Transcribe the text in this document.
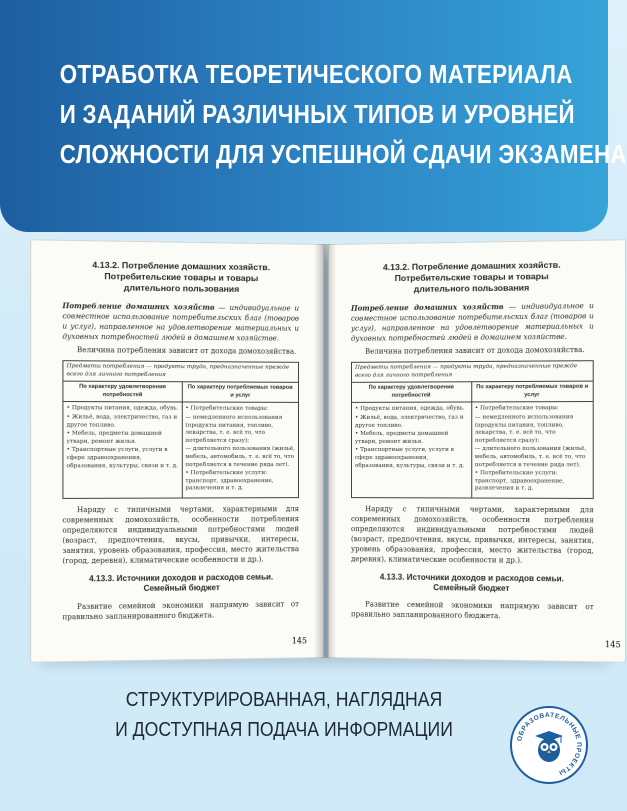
ОТРАБОТКА ТЕОРЕТИЧЕСКОГО МАТЕРИАЛА
И ЗАДАНИЙ РАЗЛИЧНЫХ ТИПОВ И УРОВНЕЙ
СЛОЖНОСТИ ДЛЯ УСПЕШНОЙ СДАЧИ ЭКЗАМЕНА
4.13.2. Потребление домашних хозяйств.
Потребительские товары и товары
длительного пользования
Потребление домашних хозяйств — индивидуальное и совместное использование потребительских благ (товаров и услуг), направленное на удовлетворение материальных и духовных потребностей людей в домашнем хозяйстве.
Величина потребления зависит от дохода домохозяйства.
Предметы потребления — продукты труда, предназначенные прежде всего для личного потребления
По характеру удовлетворения потребностей
По характеру потребляемых товаров и услуг

• Продукты питания, одежда, обувь.

• Жильё, вода, электричество, газ и другое топливо.

• Мебель, предметы домашней утвари, ремонт жилья.

• Транспортные услуги, услуги в сфере здравоохранения, образования, культуры, связи и т. д.

• Потребительские товары:

— немедленного использования (продукты питания, топливо, лекарства, т. е. всё то, что потребляется сразу);

— длительного пользования (жильё, мебель, автомобиль, т. е. всё то, что потребляется в течение ряда лет).

• Потребительские услуги: транспорт, здравоохранение, развлечения и т. д.

Наряду с типичными чертами, характерными для современных домохозяйств, особенности потребления определяются индивидуальными потребностями людей (возраст, предпочтения, вкусы, привычки, интересы, занятия, уровень образования, профессия, место жительства (город, деревня), климатические особенности и др.).
4.13.3. Источники доходов и расходов семьи.
Семейный бюджет
Развитие семейной экономики напрямую зависит от правильно запланированного бюджета.
145
4.13.2. Потребление домашних хозяйств.
Потребительские товары и товары
длительного пользования
Потребление домашних хозяйств — индивидуальное и совместное использование потребительских благ (товаров и услуг), направленное на удовлетворение материальных и духовных потребностей людей в домашнем хозяйстве.
Величина потребления зависит от дохода домохозяйства.
Предметы потребления — продукты труда, предназначенные прежде всего для личного потребления
По характеру удовлетворения потребностей
По характеру потребляемых товаров и услуг

• Продукты питания, одежда, обувь.

• Жильё, вода, электричество, газ и другое топливо.

• Мебель, предметы домашней утвари, ремонт жилья.

• Транспортные услуги, услуги в сфере здравоохранения, образования, культуры, связи и т. д.

• Потребительские товары:

— немедленного использования (продукты питания, топливо, лекарства, т. е. всё то, что потребляется сразу);

— длительного пользования (жильё, мебель, автомобиль, т. е. всё то, что потребляется в течение ряда лет).

• Потребительские услуги: транспорт, здравоохранение, развлечения и т. д.

Наряду с типичными чертами, характерными для современных домохозяйств, особенности потребления определяются индивидуальными потребностями людей (возраст, предпочтения, вкусы, привычки, интересы, занятия, уровень образования, профессия, место жительства (город, деревня), климатические особенности и др.).
4.13.3. Источники доходов и расходов семьи.
Семейный бюджет
Развитие семейной экономики напрямую зависит от правильно запланированного бюджета.
145
СТРУКТУРИРОВАННАЯ, НАГЛЯДНАЯ
И ДОСТУПНАЯ ПОДАЧА ИНФОРМАЦИИ	ОБРАЗОВАТЕЛЬНЫЕ ПРОЕКТЫ
